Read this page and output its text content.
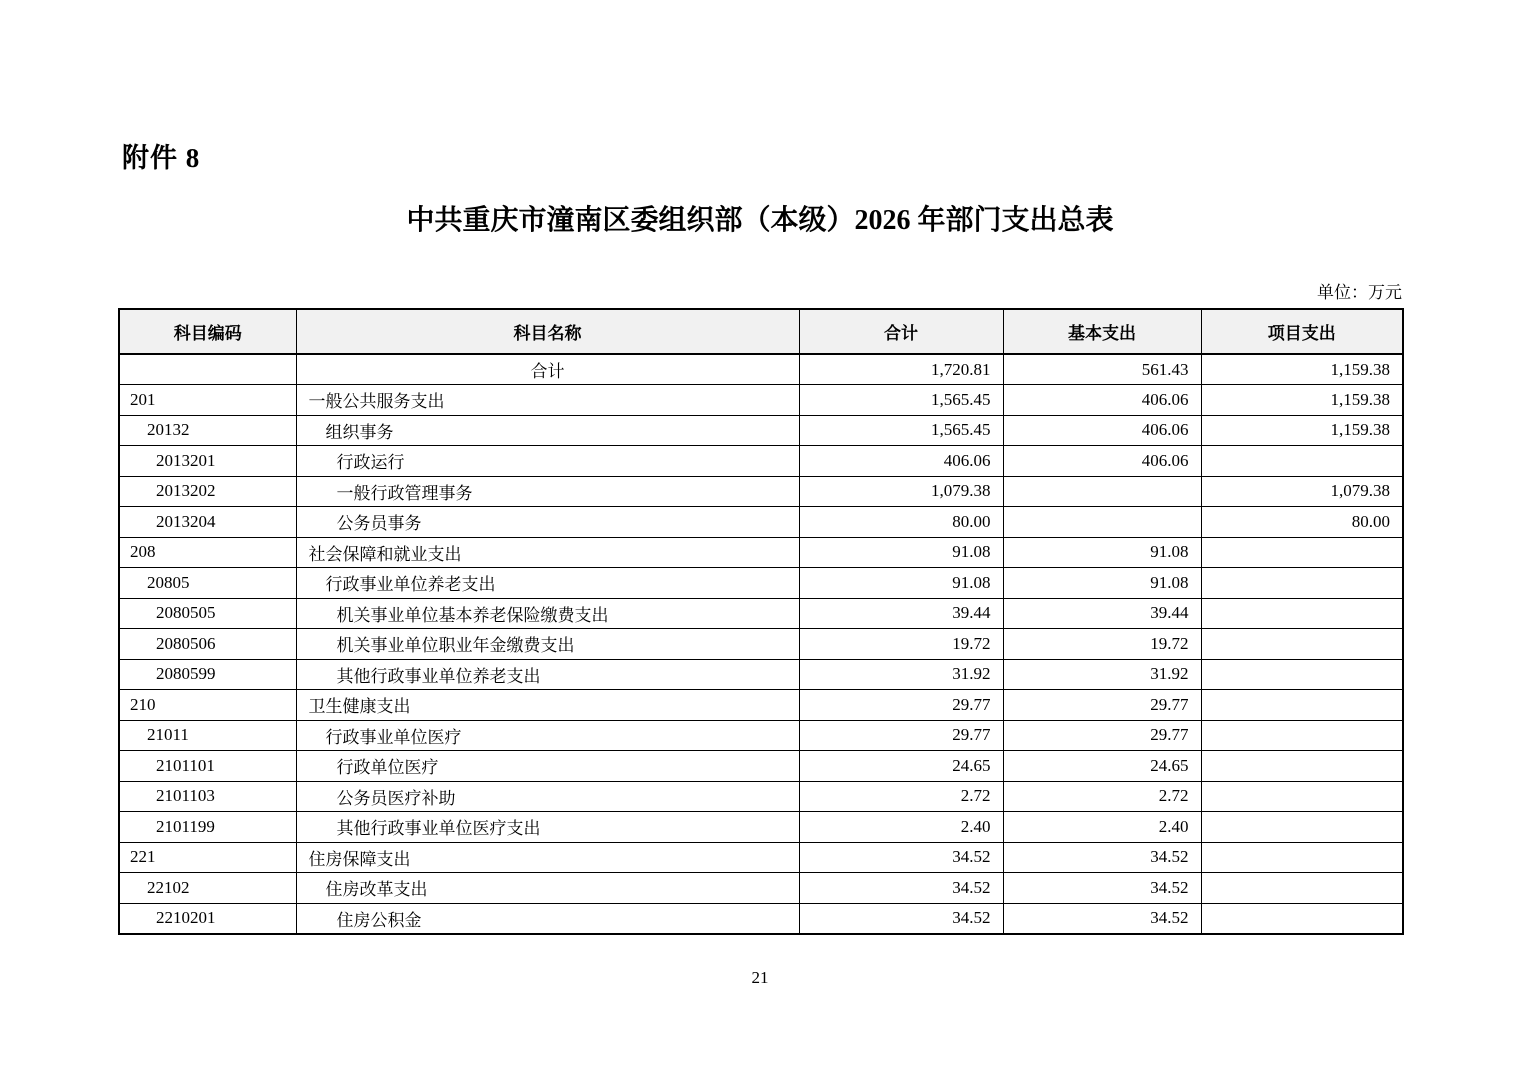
附件 8
中共重庆市潼南区委组织部（本级）2026 年部门支出总表
单位：万元
科目编码	科目名称	合计	基本支出	项目支出
	合计	1,720.81	561.43	1,159.38
201	一般公共服务支出	1,565.45	406.06	1,159.38
20132	组织事务	1,565.45	406.06	1,159.38
2013201	行政运行	406.06	406.06	
2013202	一般行政管理事务	1,079.38		1,079.38
2013204	公务员事务	80.00		80.00
208	社会保障和就业支出	91.08	91.08	
20805	行政事业单位养老支出	91.08	91.08	
2080505	机关事业单位基本养老保险缴费支出	39.44	39.44	
2080506	机关事业单位职业年金缴费支出	19.72	19.72	
2080599	其他行政事业单位养老支出	31.92	31.92	
210	卫生健康支出	29.77	29.77	
21011	行政事业单位医疗	29.77	29.77	
2101101	行政单位医疗	24.65	24.65	
2101103	公务员医疗补助	2.72	2.72	
2101199	其他行政事业单位医疗支出	2.40	2.40	
221	住房保障支出	34.52	34.52	
22102	住房改革支出	34.52	34.52	
2210201	住房公积金	34.52	34.52	
21
